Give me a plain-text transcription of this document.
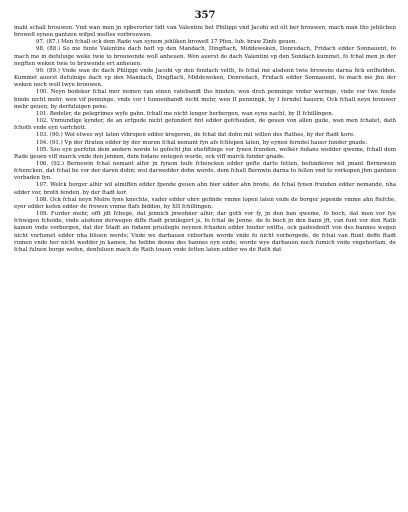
357

mahl schall brouwen. Vnd wan men jn vpberorter tidt van Valentini bet Philippi vnd Jacobi wil olt ber brouwen, mach man tho jehlichen browefl eynen gantzen wifpel moltes vorbrouwen.

97. (87.) Men fchall ock dem Rade van eynem jehliken browefl 17 Pfen. lub. braw Zinfs geuen.

98. (88.) So me funte Valentins dach heft vp den Mandach, Dingftach, Middeweken, Donredach, Fridach edder Sonnauent, fo mach me in defuluige weke twie to brouwende woll anheuen. Wen auerst de dach Valentini vp den Sondach kummet, fo fchal men jn der negften weken twie to bruwende ert anheuen.

99. (89.) Vnde wan de dach Philippi vnde Jacobi vp den fondach velth, fo fchal me alsdenn twie browens darna fick entholden. Kummet auerst defulnige dach vp den Mandach, Dingftach, Middeweken, Donredach, Fridach edder Sonnauent, fo mach me jhn der weken noch woll twye brouwen.

100. Neyn bodeker fchal mer nemen van einen vatebandt tho binden, wen dreh penninge vnder weringe, vnde vor twe fende binde nicht mehr, wen vif penninge, vnde vor l tunnenbandt nicht mehr, wen II penningk, by I ferndel hauern; Ock fchall neyn brouwer mehr geuen, by derfuluigen pene.

101. Bedeler, de pelegrimes wyfe gahn, fchall me nicht lenger herbergen, wan eyne nacht, by II fchillingen.

102. Vnmundige kynder, de an erfgude nicht gefundert fint edder gefcheiden, de geuen von allen gude, wan men fchatet, dath fchoth vnde eyn varfchott.

103. (90.) Wol etwes wyl laten vthropen edder kregeren, de fchal dat dohn mit willen des Rathes, by der ftadt kore.

104. (91.) Vp der ftraten edder by der muren fchal nemant fyn afs fchlepen laten, by eynen ferndel hauer funder gnade.

105. Szo eyn perfohn dem andern worde to gefecht jhn ehefiftinge vor fynen frunden, welker fodans wedder qweme, fchall dem Rade geuen viff marck vnde den jennen, dem fodans entegen worde, ock viff marck funder gnade.

106. (92.) Bernewin fchal nemant alhir jn fynem hufe fchencken edder gefte darto fetten, befunderen wil jmant Bernewein fchencken, dat fchal he vor der daren dohn; wol darwedder dohn worde, dem fchall Bernwin darna to fellen vnd to vorkopen jhm gantzen vorbaden fyn.

107. Welck borger alhir wil almiffen edder fpende geuen ahn bier edder ahn brode, de fchal fynen frunden edder nemande, nha edder vor, broth fenden, by der ftadt kor.

108. Ock fchal neyn Molre fyne knechte, vader edder ohre gefinde vmme lopen laten vnde de borger jegende vmme ahn ftefche, eyer edder kefen edder de frowen vmme flafs bidden, by XII fchillingen.

109. Furder mehr, offt jdt fchege, dat jennich jnwohner alhir, dar goth vor fy, jn den ban qweme, fo boch, dat men vor fye fchwigen fcholde, vnde alsdenn derwegen diffe ftadt prinilegert js, fo fchal de Jenne, de fo boch jn den bann jft, van funt vor den Rath kamen vnde vorborgen, dat der Stadt an fodann priuilegio neynen fchaden edder hinder entfta, ock gadesdenft von des bannes wegen nicht vorfumet edder nha bliuen werde; Vnde we darbauen vnhorfam worde vnde fo nicht vorborgede, de fchal van ftunt deffe ftadt rumen vnde her nicht wedder jn kamen, he hebbe denne des bannes eyn ende; worde wye darbauen noch fumich vnde vngehorfam, de fchal fulnen borge wefen, denfuluen mach de Rath touen vnde fetten laten edder wo de Rath dat
